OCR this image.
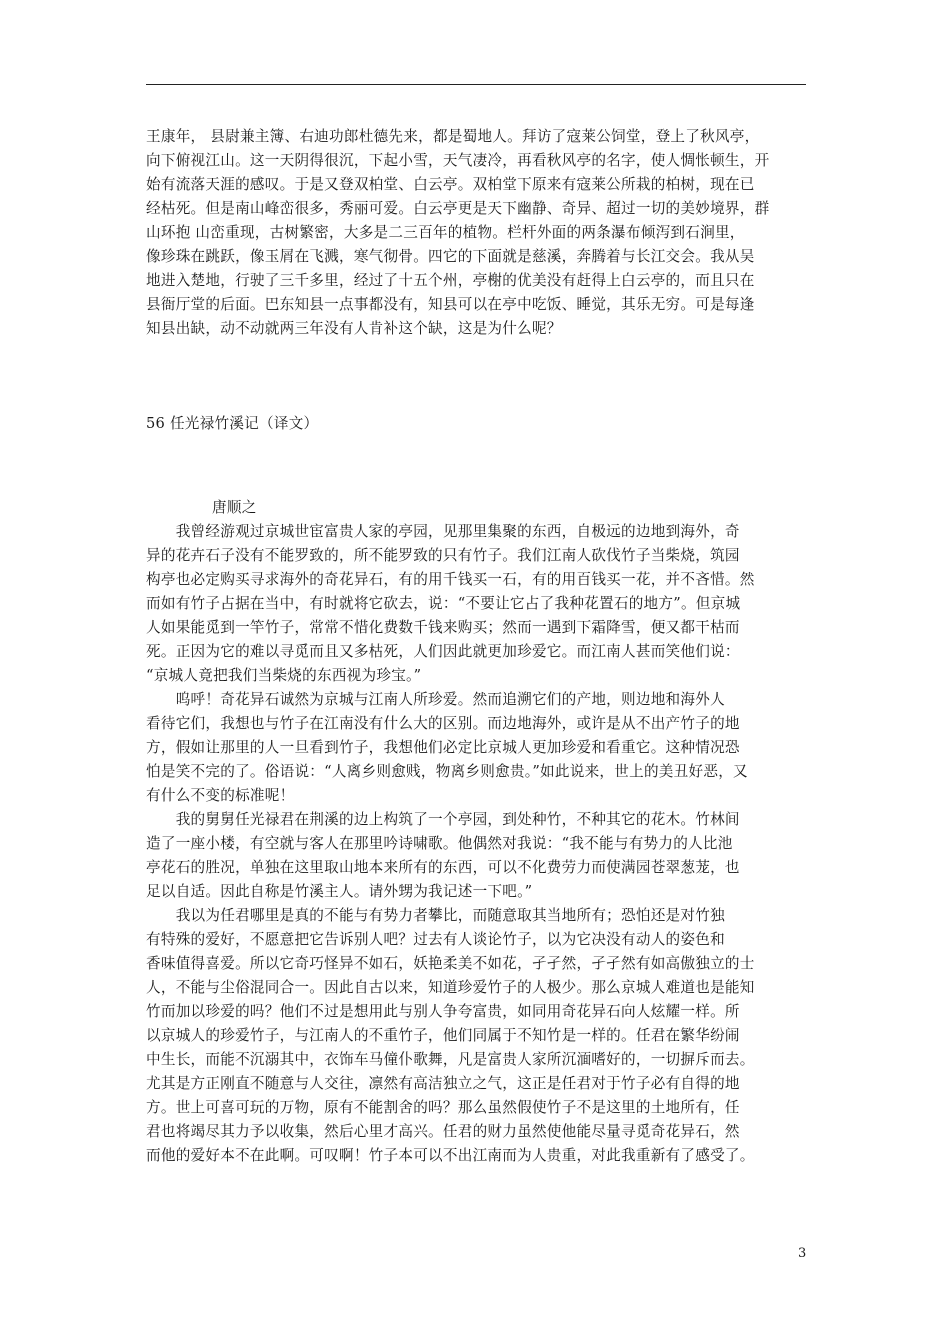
王康年， 县尉兼主簿、右迪功郎杜德先来，都是蜀地人。拜访了寇莱公饲堂，登上了秋风亭，
向下俯视江山。这一天阴得很沉，下起小雪，天气凄冷，再看秋风亭的名字，使人惆怅顿生，开
始有流落天涯的感叹。于是又登双柏堂、白云亭。双柏堂下原来有寇莱公所栽的柏树，现在已
经枯死。但是南山峰峦很多，秀丽可爱。白云亭更是天下幽静、奇异、超过一切的美妙境界，群
山环抱 山峦重现，古树繁密，大多是二三百年的植物。栏杆外面的两条瀑布倾泻到石涧里，
像珍珠在跳跃，像玉屑在飞溅，寒气彻骨。四它的下面就是慈溪，奔腾着与长江交会。我从吴
地进入楚地，行驶了三千多里，经过了十五个州，亭榭的优美没有赶得上白云亭的，而且只在
县衙厅堂的后面。巴东知县一点事都没有，知县可以在亭中吃饭、睡觉，其乐无穷。可是每逢
知县出缺，动不动就两三年没有人肯补这个缺，这是为什么呢？
56 任光禄竹溪记（译文）
唐顺之
　　我曾经游观过京城世宦富贵人家的亭园，见那里集聚的东西，自极远的边地到海外，奇
异的花卉石子没有不能罗致的，所不能罗致的只有竹子。我们江南人砍伐竹子当柴烧，筑园
构亭也必定购买寻求海外的奇花异石，有的用千钱买一石，有的用百钱买一花，并不吝惜。然
而如有竹子占据在当中，有时就将它砍去，说：“不要让它占了我种花置石的地方”。但京城
人如果能觅到一竿竹子，常常不惜化费数千钱来购买；然而一遇到下霜降雪，便又都干枯而
死。正因为它的难以寻觅而且又多枯死，人们因此就更加珍爱它。而江南人甚而笑他们说：
“京城人竟把我们当柴烧的东西视为珍宝。”
　　呜呼！奇花异石诚然为京城与江南人所珍爱。然而追溯它们的产地，则边地和海外人
看待它们，我想也与竹子在江南没有什么大的区别。而边地海外，或许是从不出产竹子的地
方，假如让那里的人一旦看到竹子，我想他们必定比京城人更加珍爱和看重它。这种情况恐
怕是笑不完的了。俗语说：“人离乡则愈贱，物离乡则愈贵。”如此说来，世上的美丑好恶，又
有什么不变的标准呢！
　　我的舅舅任光禄君在荆溪的边上构筑了一个亭园，到处种竹，不种其它的花木。竹林间
造了一座小楼，有空就与客人在那里吟诗啸歌。他偶然对我说：“我不能与有势力的人比池
亭花石的胜况，单独在这里取山地本来所有的东西，可以不化费劳力而使满园苍翠葱茏，也
足以自适。因此自称是竹溪主人。请外甥为我记述一下吧。”
　　我以为任君哪里是真的不能与有势力者攀比，而随意取其当地所有；恐怕还是对竹独
有特殊的爱好，不愿意把它告诉别人吧？过去有人谈论竹子，以为它决没有动人的姿色和
香味值得喜爱。所以它奇巧怪异不如石，妖艳柔美不如花，孑孑然，孑孑然有如高傲独立的士
人，不能与尘俗混同合一。因此自古以来，知道珍爱竹子的人极少。那么京城人难道也是能知
竹而加以珍爱的吗？他们不过是想用此与别人争夸富贵，如同用奇花异石向人炫耀一样。所
以京城人的珍爱竹子，与江南人的不重竹子，他们同属于不知竹是一样的。任君在繁华纷闹
中生长，而能不沉溺其中，衣饰车马僮仆歌舞，凡是富贵人家所沉湎嗜好的，一切摒斥而去。
尤其是方正刚直不随意与人交往，凛然有高洁独立之气，这正是任君对于竹子必有自得的地
方。世上可喜可玩的万物，原有不能割舍的吗？那么虽然假使竹子不是这里的土地所有，任
君也将竭尽其力予以收集，然后心里才高兴。任君的财力虽然使他能尽量寻觅奇花异石，然
而他的爱好本不在此啊。可叹啊！竹子本可以不出江南而为人贵重，对此我重新有了感受了。
3
